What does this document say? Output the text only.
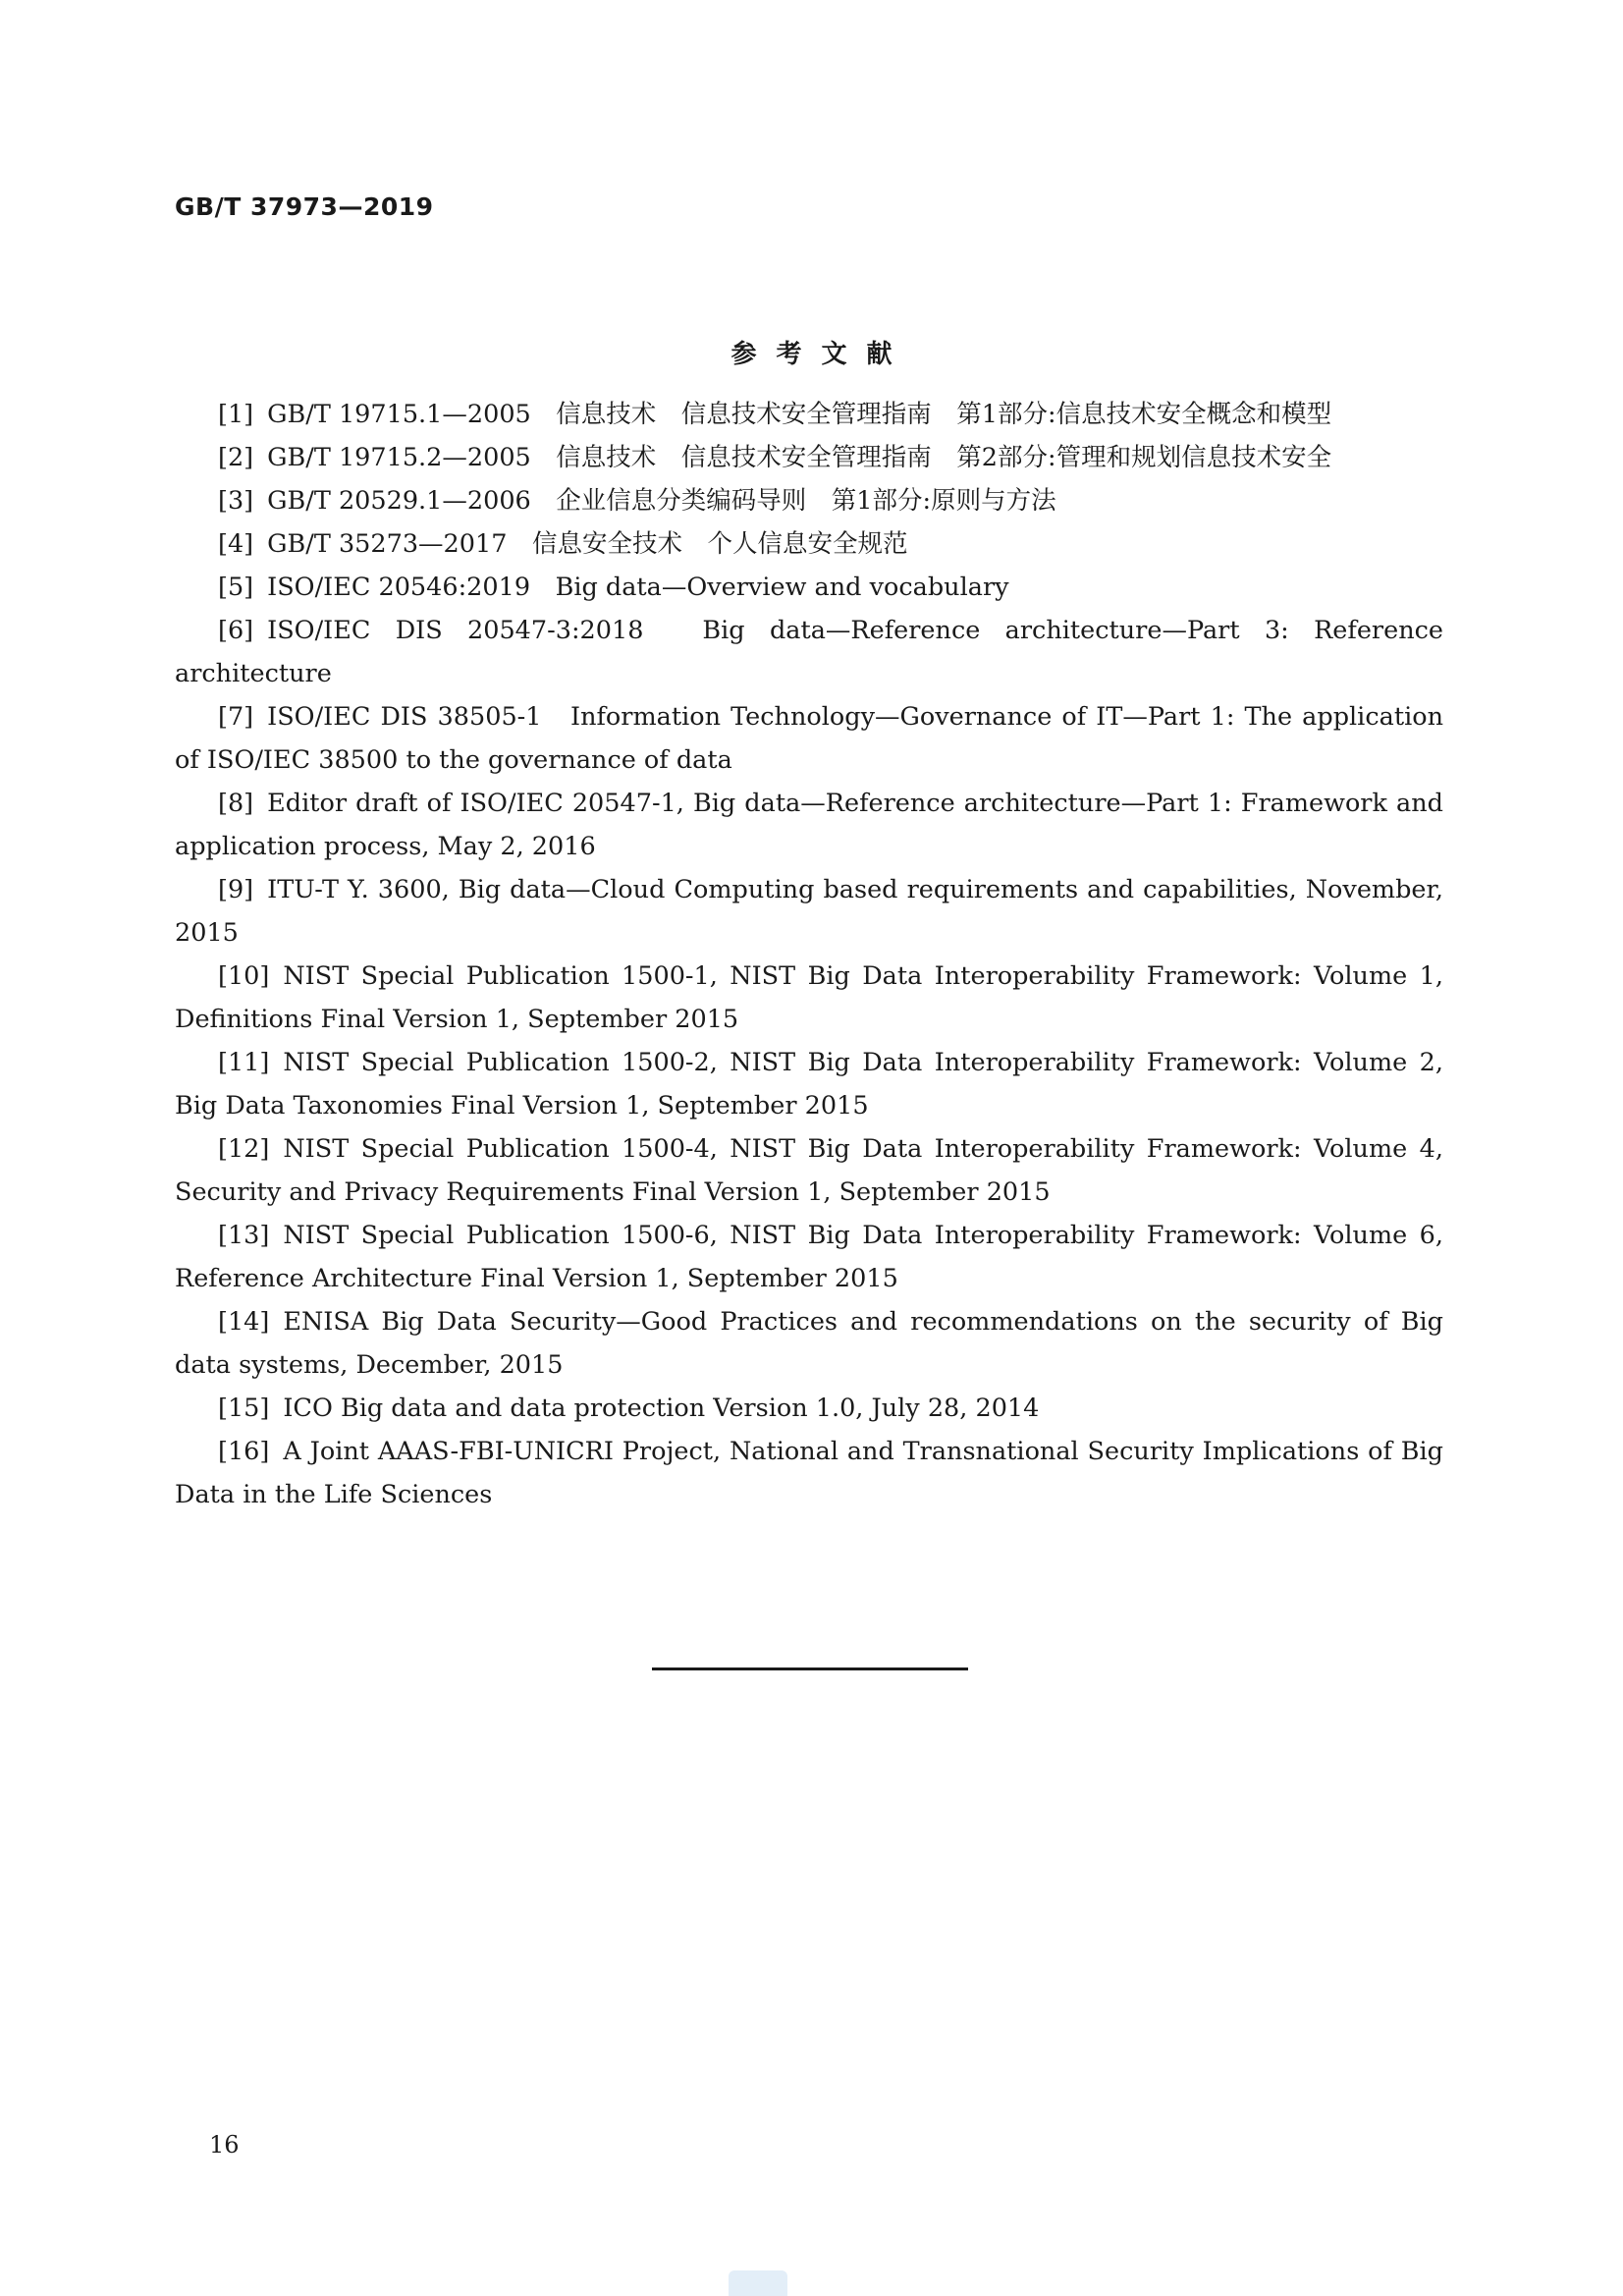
GB/T 37973—2019
参考文献
[1] GB/T 19715.1—2005　信息技术　信息技术安全管理指南　第1部分:信息技术安全概念和模型
[2] GB/T 19715.2—2005　信息技术　信息技术安全管理指南　第2部分:管理和规划信息技术安全
[3] GB/T 20529.1—2006　企业信息分类编码导则　第1部分:原则与方法
[4] GB/T 35273—2017　信息安全技术　个人信息安全规范
[5] ISO/IEC 20546:2019　Big data—Overview and vocabulary
[6] ISO/IEC DIS 20547-3:2018　Big data—Reference architecture—Part 3: Reference architecture
[7] ISO/IEC DIS 38505-1　Information Technology—Governance of IT—Part 1: The application of ISO/IEC 38500 to the governance of data
[8] Editor draft of ISO/IEC 20547-1, Big data—Reference architecture—Part 1: Framework and application process, May 2, 2016
[9] ITU-T Y. 3600, Big data—Cloud Computing based requirements and capabilities, November, 2015
[10] NIST Special Publication 1500-1, NIST Big Data Interoperability Framework: Volume 1, Definitions Final Version 1, September 2015
[11] NIST Special Publication 1500-2, NIST Big Data Interoperability Framework: Volume 2, Big Data Taxonomies Final Version 1, September 2015
[12] NIST Special Publication 1500-4, NIST Big Data Interoperability Framework: Volume 4, Security and Privacy Requirements Final Version 1, September 2015
[13] NIST Special Publication 1500-6, NIST Big Data Interoperability Framework: Volume 6, Reference Architecture Final Version 1, September 2015
[14] ENISA Big Data Security—Good Practices and recommendations on the security of Big data systems, December, 2015
[15] ICO Big data and data protection Version 1.0, July 28, 2014
[16] A Joint AAAS-FBI-UNICRI Project, National and Transnational Security Implications of Big Data in the Life Sciences
16
